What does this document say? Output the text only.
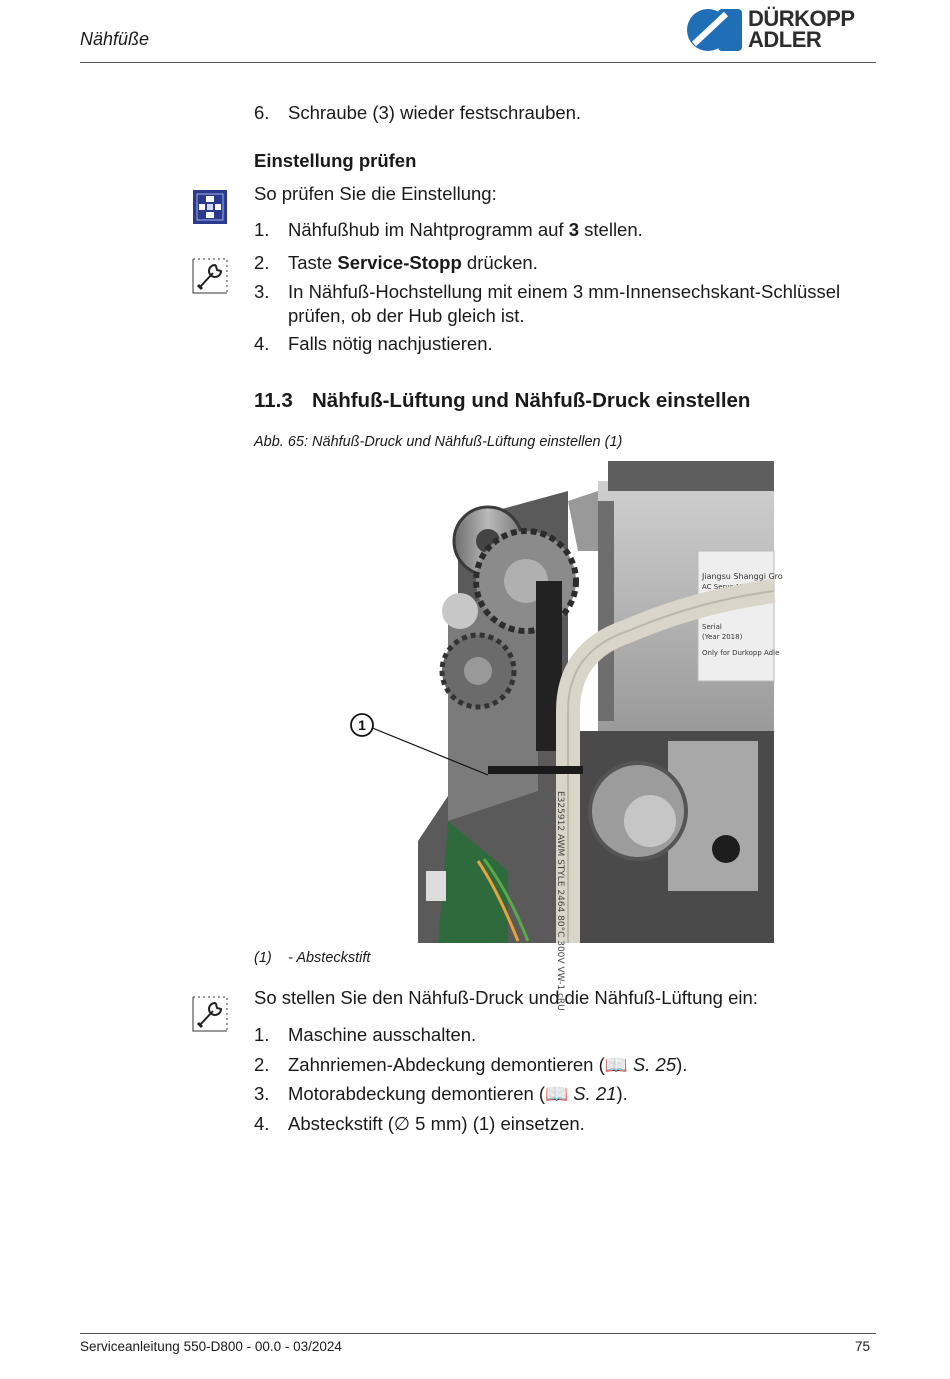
Nähfüße
DÜRKOPP
ADLER
6. Schraube (3) wieder festschrauben.
Einstellung prüfen
So prüfen Sie die Einstellung:
1. Nähfußhub im Nahtprogramm auf 3 stellen.
2. Taste Service-Stopp drücken.
3. In Nähfuß-Hochstellung mit einem 3 mm-Innensechskant-Schlüssel
prüfen, ob der Hub gleich ist.
4. Falls nötig nachjustieren.
11.3 Nähfuß-Lüftung und Nähfuß-Druck einstellen
Abb. 65: Nähfuß-Druck und Nähfuß-Lüftung einstellen (1)
Jiangsu Shanggi Gro
AC Servo Motor
Serial
(Year 2018)
Only for Durkopp Adle
E325912 AWM STYLE 2464 80°C 300V VW-1 cRU
1
(1) - Absteckstift
So stellen Sie den Nähfuß-Druck und die Nähfuß-Lüftung ein:
1. Maschine ausschalten.
2. Zahnriemen-Abdeckung demontieren (📖 S. 25).
3. Motorabdeckung demontieren (📖 S. 21).
4. Absteckstift (∅ 5 mm) (1) einsetzen.
Serviceanleitung 550-D800 - 00.0 - 03/2024	75
